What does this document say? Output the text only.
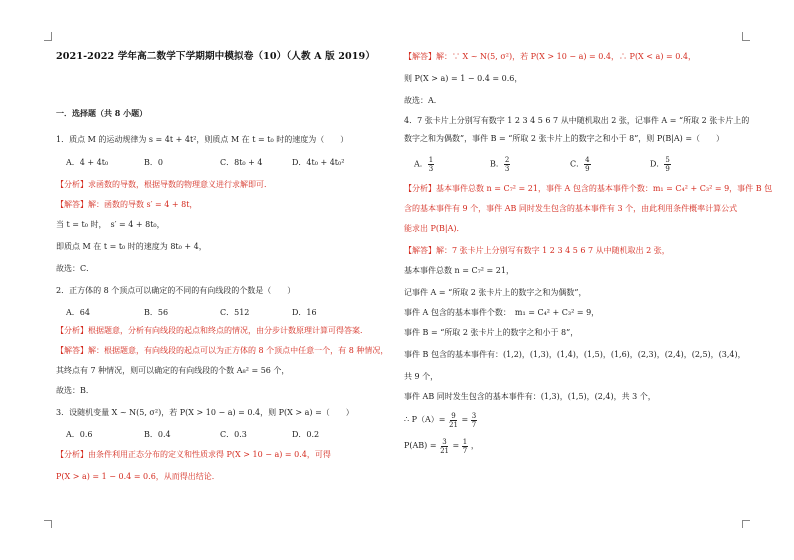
2021-2022 学年高二数学下学期期中模拟卷（10）（人教 A 版 2019）
一．选择题（共 8 小题）
1．质点 M 的运动规律为 s = 4t + 4t²，则质点 M 在 t = t₀ 时的速度为（　　）
A．4 + 4t₀	B．0	C．8t₀ + 4	D．4t₀ + 4t₀²
【分析】求函数的导数，根据导数的物理意义进行求解即可．
【解答】解：函数的导数 s′ = 4 + 8t，
当 t = t₀ 时，　s′ = 4 + 8t₀，
即质点 M 在 t = t₀ 时的速度为 8t₀ + 4，
故选：C．
2．正方体的 8 个顶点可以确定的不同的有向线段的个数是（　　）
A．64	B．56	C．512	D．16
【分析】根据题意，分析有向线段的起点和终点的情况，由分步计数原理计算可得答案．
【解答】解：根据题意，有向线段的起点可以为正方体的 8 个顶点中任意一个，有 8 种情况，
其终点有 7 种情况，则可以确定的有向线段的个数 A₈² = 56 个，
故选：B．
3．设随机变量 X ~ N(5, σ²)，若 P(X > 10 − a) = 0.4，则 P(X > a) =（　　）
A．0.6	B．0.4	C．0.3	D．0.2
【分析】由条件利用正态分布的定义和性质求得 P(X > 10 − a) = 0.4，可得
P(X > a) = 1 − 0.4 = 0.6，从而得出结论．
【解答】解：∵ X ~ N(5, σ²)，若 P(X > 10 − a) = 0.4，∴ P(X < a) = 0.4，
则 P(X > a) = 1 − 0.4 = 0.6，
故选：A．
4．7 张卡片上分别写有数字 1 2 3 4 5 6 7 从中随机取出 2 张，记事件 A = “所取 2 张卡片上的
数字之和为偶数”，事件 B = “所取 2 张卡片上的数字之和小于 8”，则 P(B|A) =（　　）
A． $\frac{1}{3}$	B． $\frac{2}{3}$	C． $\frac{4}{9}$	D． $\frac{5}{9}$
【分析】基本事件总数 n = C₇² = 21，事件 A 包含的基本事件个数：m₁ = C₄² + C₃² = 9，事件 B 包
含的基本事件有 9 个，事件 AB 同时发生包含的基本事件有 3 个，由此利用条件概率计算公式
能求出 P(B|A)．
【解答】解：7 张卡片上分别写有数字 1 2 3 4 5 6 7 从中随机取出 2 张，
基本事件总数 n = C₇² = 21，
记事件 A = “所取 2 张卡片上的数字之和为偶数”，
事件 A 包含的基本事件个数：　m₁ = C₄² + C₃² = 9，
事件 B = “所取 2 张卡片上的数字之和小于 8”，
事件 B 包含的基本事件有：(1,2)，(1,3)，(1,4)，(1,5)，(1,6)，(2,3)，(2,4)，(2,5)，(3,4)，
共 9 个，
事件 AB 同时发生包含的基本事件有：(1,3)，(1,5)，(2,4)，共 3 个，
∴ $P(A)= \frac{9}{21} = \frac{3}{7}$
$P(AB) = \frac{3}{21} = \frac{1}{7}$ ，
